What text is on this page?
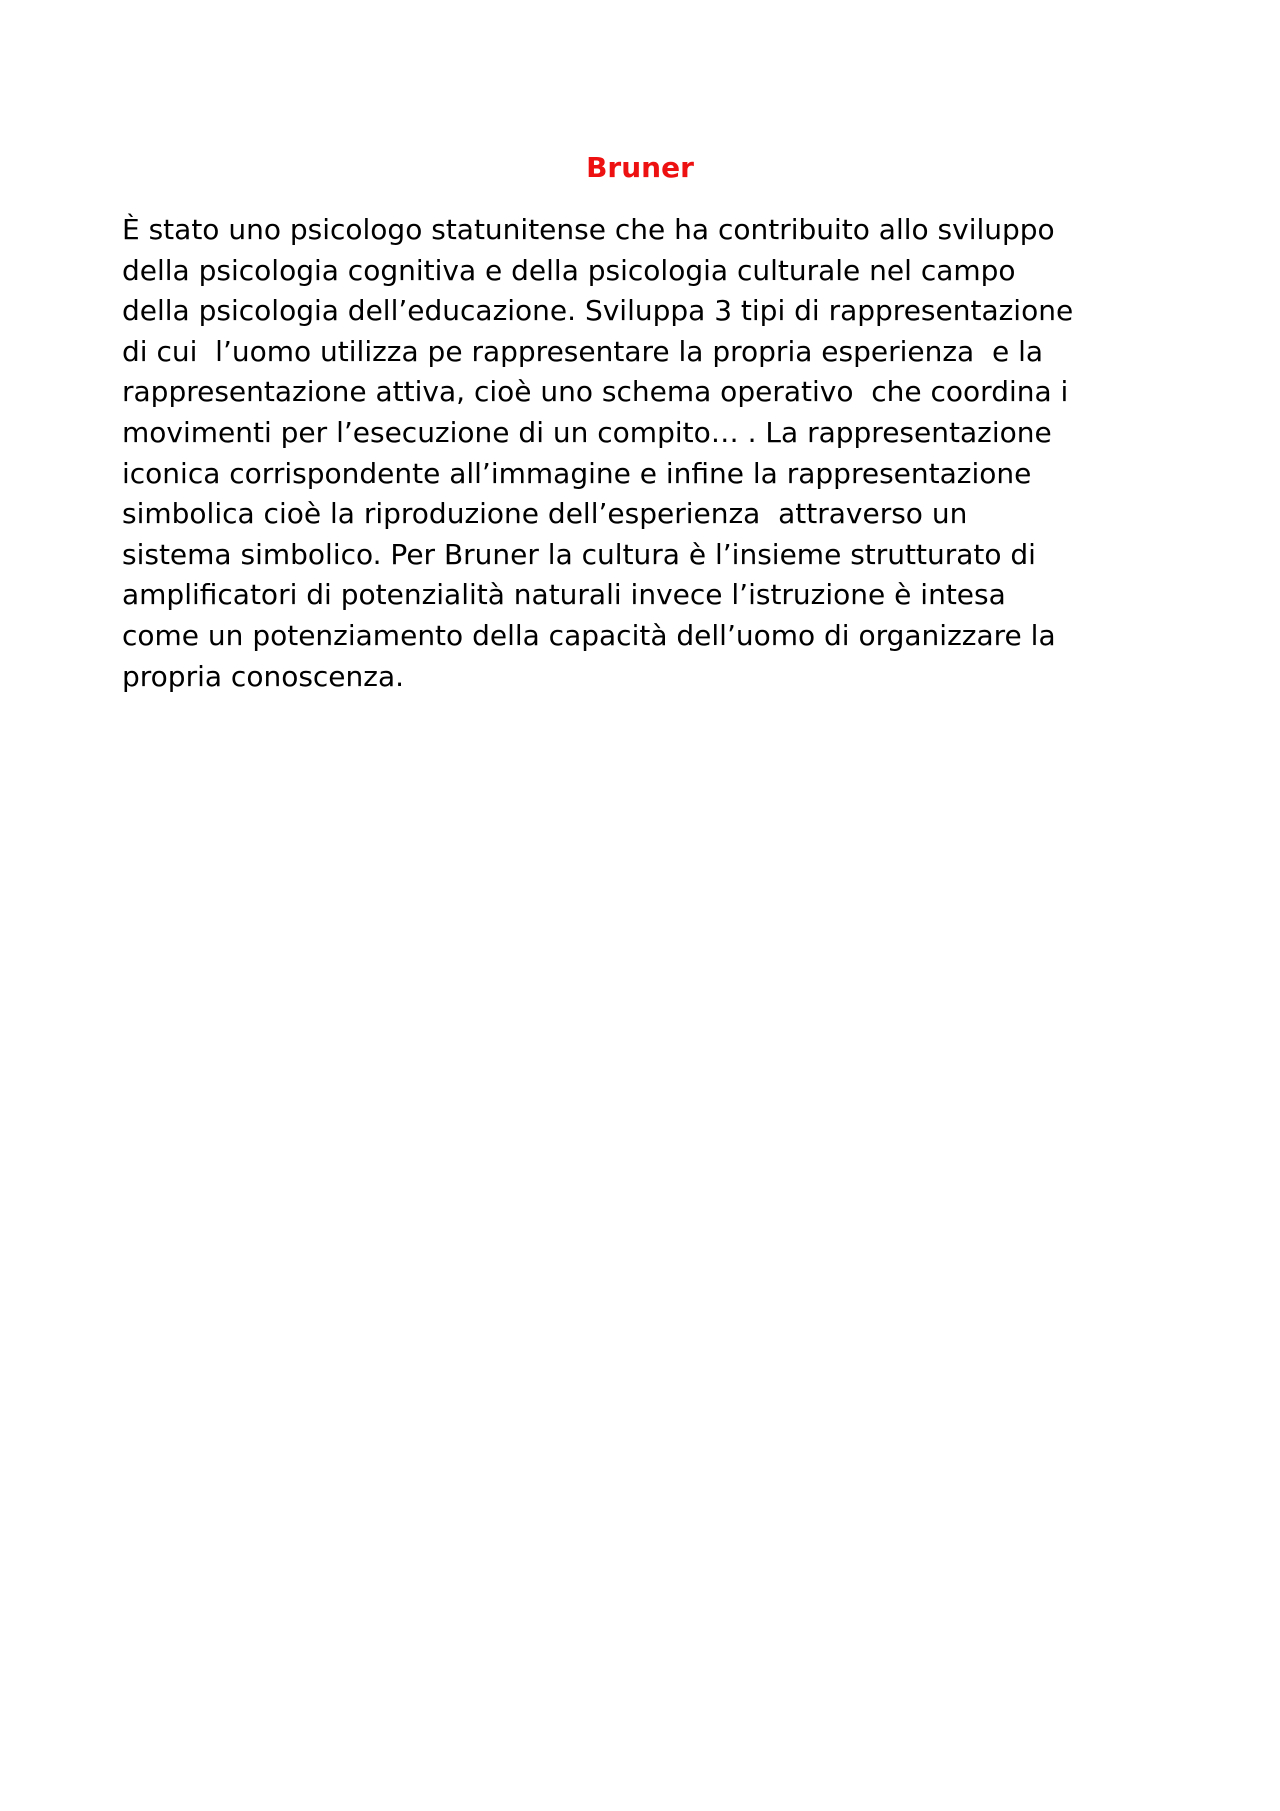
Bruner
È stato uno psicologo statunitense che ha contribuito allo sviluppo
della psicologia cognitiva e della psicologia culturale nel campo
della psicologia dell’educazione. Sviluppa 3 tipi di rappresentazione
di cui  l’uomo utilizza pe rappresentare la propria esperienza  e la
rappresentazione attiva, cioè uno schema operativo  che coordina i
movimenti per l’esecuzione di un compito… . La rappresentazione
iconica corrispondente all’immagine e infine la rappresentazione
simbolica cioè la riproduzione dell’esperienza  attraverso un
sistema simbolico. Per Bruner la cultura è l’insieme strutturato di
amplificatori di potenzialità naturali invece l’istruzione è intesa
come un potenziamento della capacità dell’uomo di organizzare la
propria conoscenza.
